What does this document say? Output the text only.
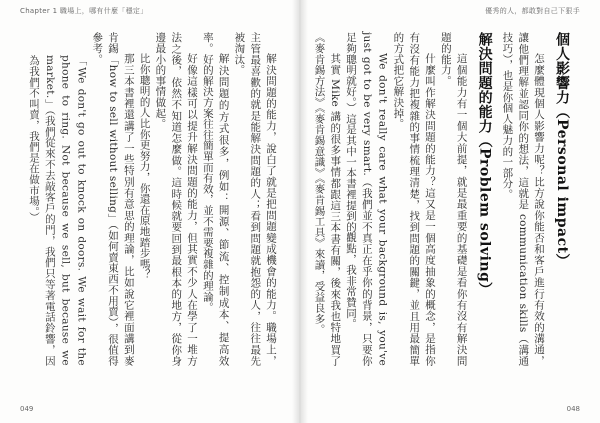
Chapter 1 職場上，哪有什麼「穩定」

解決問題的能力，說白了就是把問題變成機會的能力。職場上，主管最喜歡的就是能解決問題的人；看到問題就抱怨的人，往往最先被淘汰。

解決問題的方式很多，例如：開源、節流、控制成本、提高效率。好的解決方案往往簡單而有效，並不需要複雜的理論。

好像這樣可以提升解決問題的能力，但其實不少人在學了一堆方法之後，依然不知道怎麼做。這時候就要回到最根本的地方，從你身邊最小的事情做起。

比你聰明的人比你更努力，你還在原地踏步嗎？

那三本書裡還講了一些特別有意思的理論，比如說它裡面講到麥肯錫「how to sell without selling」（如何賣東西不用賣），很值得參考。

「We don't go out to knock on doors. We wait for the phone to ring. Not because we sell, but because we market.」（我們從來不去敲客戶的門，我們只等著電話鈴響，因為我們不叫賣，我們是在做市場。）

049
優秀的人，都敢對自己下狠手
個人影響力（Personal impact）

怎麼體現個人影響力呢？比方說你能否和客戶進行有效的溝通，讓他們理解並認同你的想法，這就是 communication skills（溝通技巧），也是你個人魅力的一部分。

解決問題的能力（Problem solving）

這個能力有一個大前提，就是最重要的基礎是看你有沒有解決問題的能力。

什麼叫作解決問題的能力？這又是一個高度抽象的概念，是指你有沒有能力把複雜的事情梳理清楚，找到問題的關鍵，並且用最簡單的方式把它解決掉。

We don't really care what your background is, you've just got to be very smart.（我們並不真正在乎你的背景，只要你足夠聰明就好。）這是其中一本書裡提到的觀點，我非常贊同。

其實 Mike 講的很多事情都跟這三本書有關，後來我也特地買了《麥肯錫方法》《麥肯錫意識》《麥肯錫工具》來讀，受益良多。

048
